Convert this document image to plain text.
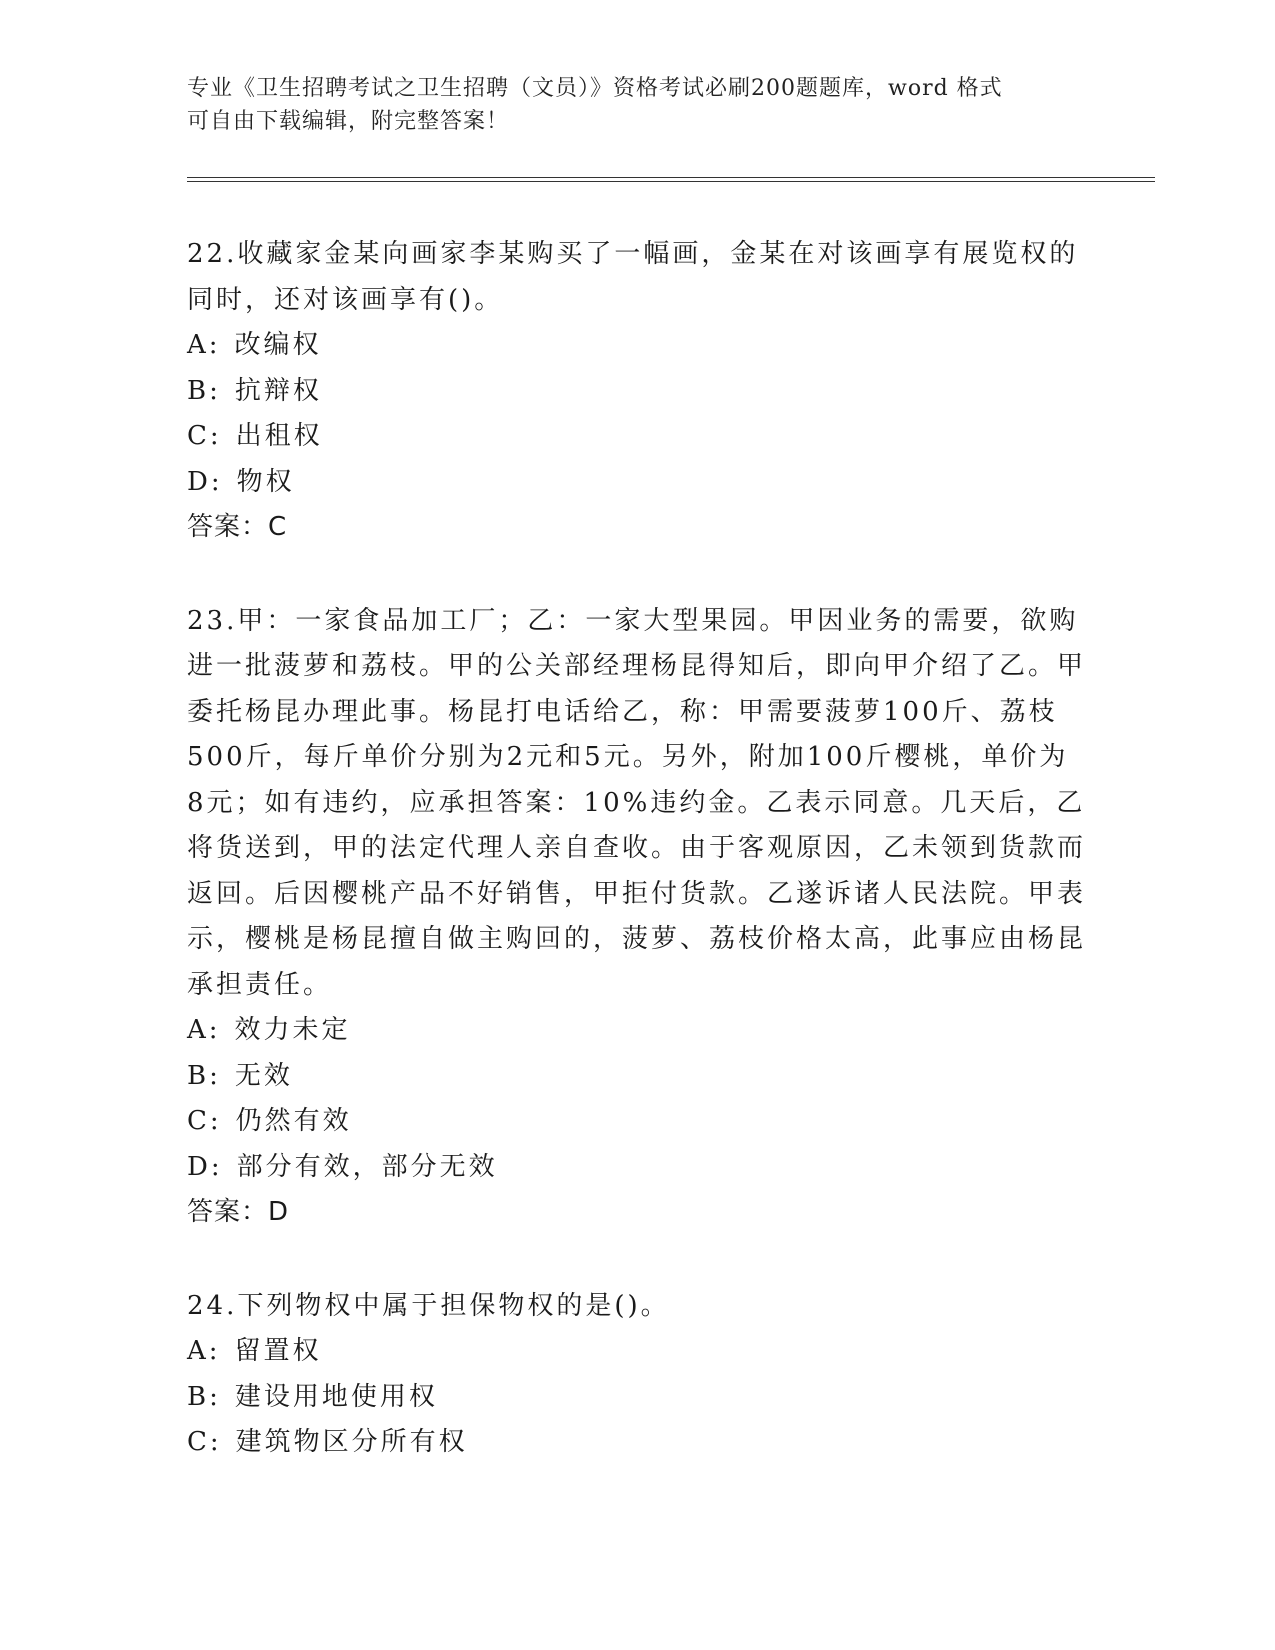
专业《卫生招聘考试之卫生招聘（文员）》资格考试必刷200题题库，word 格式
可自由下载编辑，附完整答案！

22.收藏家金某向画家李某购买了一幅画，金某在对该画享有展览权的同时，还对该画享有()。

A: 改编权
B: 抗辩权
C: 出租权
D: 物权
答案：C

23.甲：一家食品加工厂；乙：一家大型果园。甲因业务的需要，欲购进一批菠萝和荔枝。甲的公关部经理杨昆得知后，即向甲介绍了乙。甲委托杨昆办理此事。杨昆打电话给乙，称：甲需要菠萝100斤、荔枝500斤，每斤单价分别为2元和5元。另外，附加100斤樱桃，单价为8元；如有违约，应承担答案：10%违约金。乙表示同意。几天后，乙将货送到，甲的法定代理人亲自查收。由于客观原因，乙未领到货款而返回。后因樱桃产品不好销售，甲拒付货款。乙遂诉诸人民法院。甲表示，樱桃是杨昆擅自做主购回的，菠萝、荔枝价格太高，此事应由杨昆承担责任。

A: 效力未定
B: 无效
C: 仍然有效
D: 部分有效，部分无效
答案：D

24.下列物权中属于担保物权的是()。

A: 留置权
B: 建设用地使用权
C: 建筑物区分所有权
